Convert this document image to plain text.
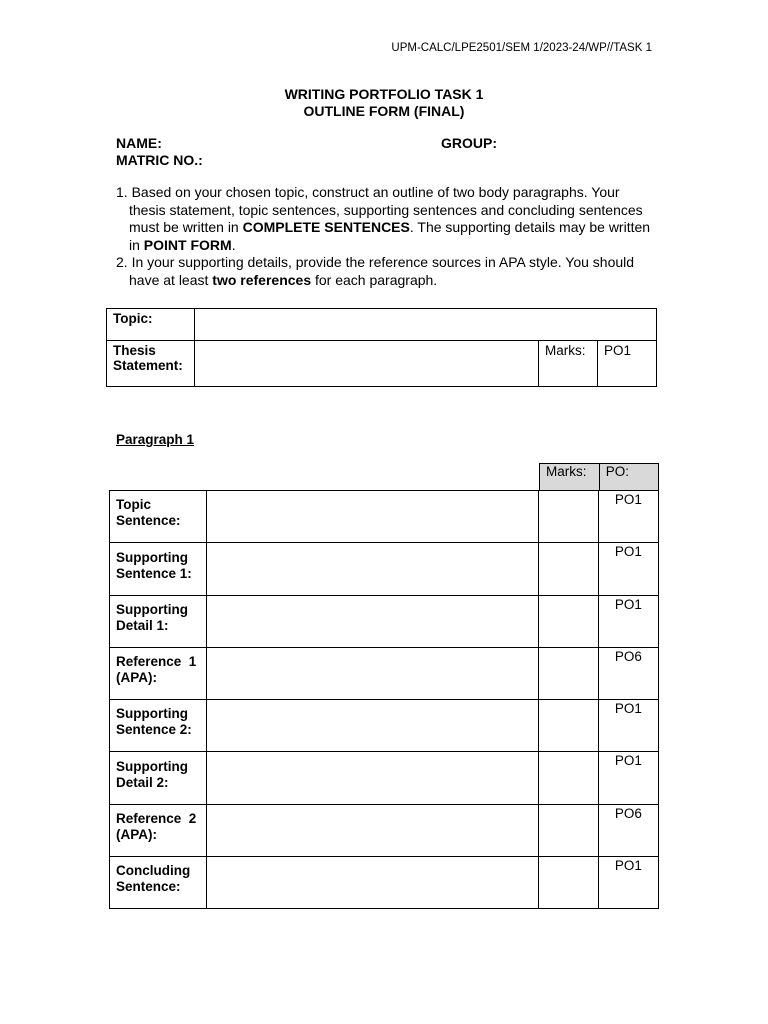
UPM-CALC/LPE2501/SEM 1/2023-24/WP//TASK 1
WRITING PORTFOLIO TASK 1
OUTLINE FORM (FINAL)
NAME:	GROUP:
MATRIC NO.:
1. Based on your chosen topic, construct an outline of two body paragraphs. Your thesis statement, topic sentences, supporting sentences and concluding sentences must be written in COMPLETE SENTENCES. The supporting details may be written in POINT FORM.
2. In your supporting details, provide the reference sources in APA style. You should have at least two references for each paragraph.
Topic:			

Thesis
Statement:		Marks:	PO1
Paragraph 1
Marks:	PO:
Topic
Sentence:			PO1

Supporting
Sentence 1:			PO1

Supporting
Detail 1:			PO1

Reference  1
(APA):			PO6

Supporting
Sentence 2:			PO1

Supporting
Detail 2:			PO1

Reference  2
(APA):			PO6

Concluding
Sentence:			PO1
